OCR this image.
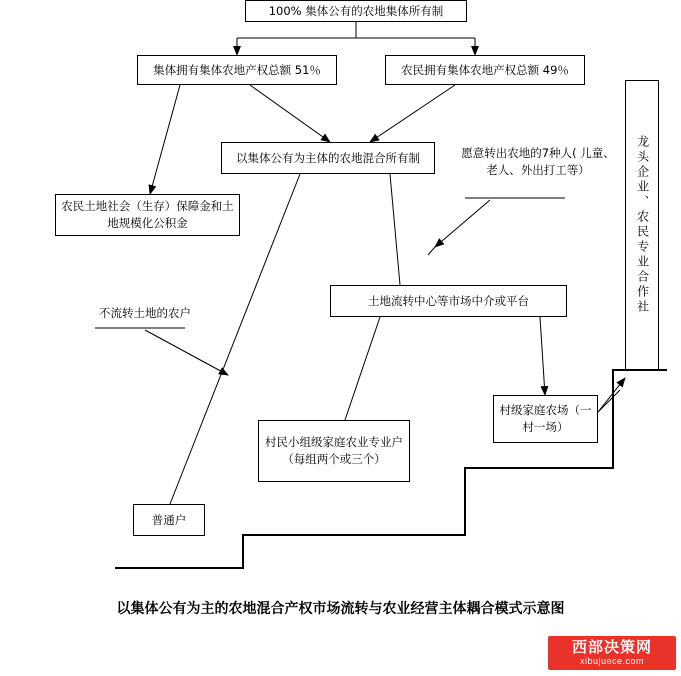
100% 集体公有的农地集体所有制
集体拥有集体农地产权总额 51％	农民拥有集体农地产权总额 49％
以集体公有为主体的农地混合所有制
农民土地社会（生存）保障金和土地规模化公积金
土地流转中心等市场中介或平台
村级家庭农场（一村一场）
村民小组级家庭农业专业户（每组两个或三个）
普通户
龙头企业、农民专业合作社
愿意转出农地的7种人( 儿童、老人、外出打工等）
不流转土地的农户
以集体公有为主的农地混合产权市场流转与农业经营主体耦合模式示意图
西部决策网
xibujuece.com
